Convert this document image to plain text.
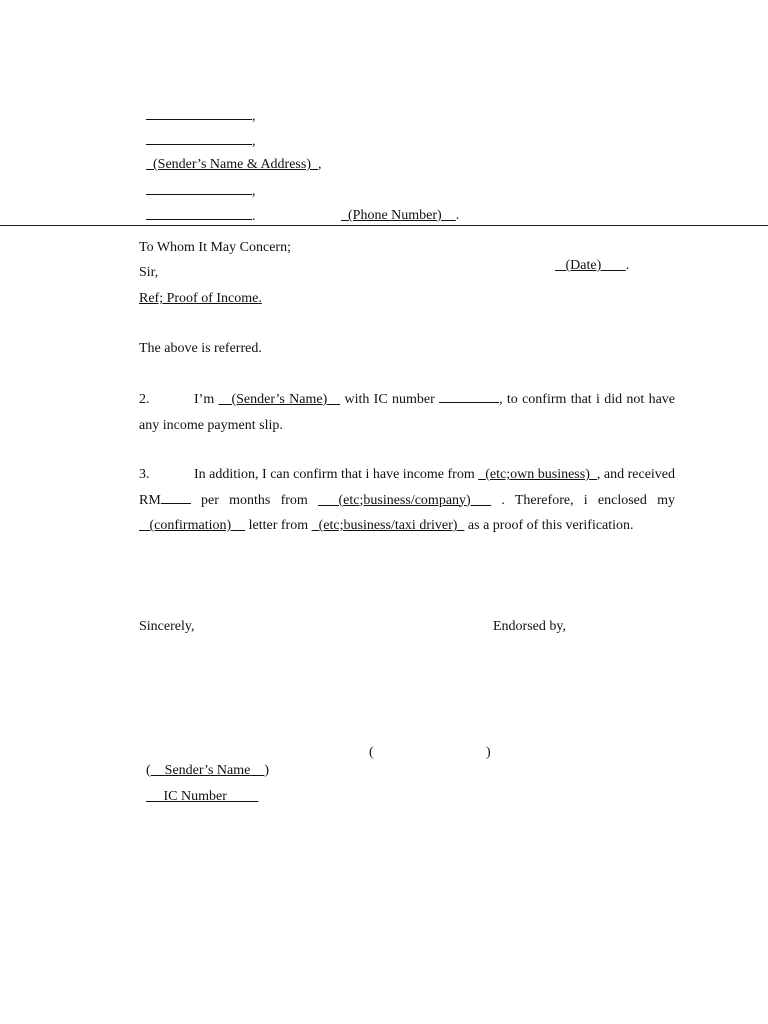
,

,

(Sender’s Name & Address) ,

,

.	(Phone Number) .

To Whom It May Concern;

(Date) .

Sir,
Ref; Proof of Income.
The above is referred.

2.	I’m (Sender’s Name) with IC number	, to confirm that i did not have any income payment slip.

3.	In addition, I can confirm that i have income from (etc;own business) , and received RM	per months from (etc;business/company) . Therefore, i enclosed my    (confirmation) letter from (etc;business/taxi driver) as a proof of this verification.

Sincerely,	Endorsed by,

( Sender’s Name )

(	)

IC Number
